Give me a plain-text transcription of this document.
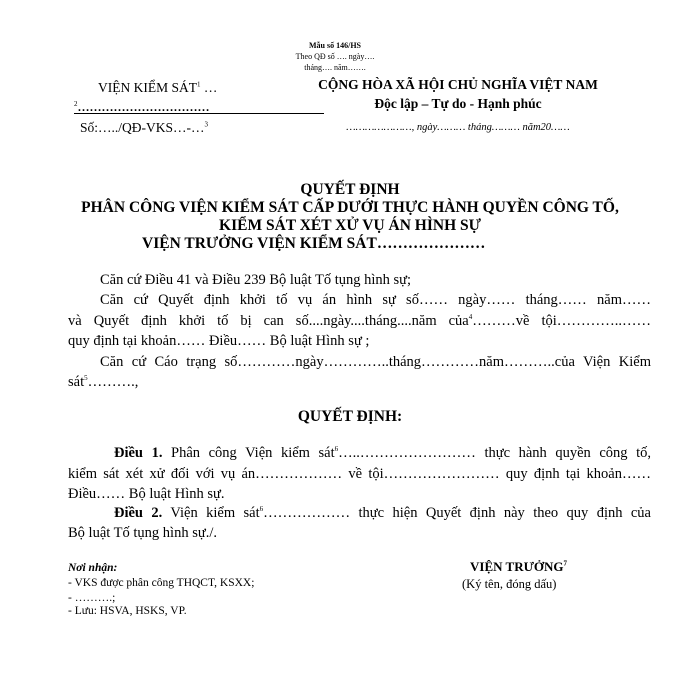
Mẫu số 146/HS
Theo QĐ số …. ngày….
tháng…. năm…….
VIỆN KIỂM SÁT$^1$ …
$^2$……………………………
Số:…../QĐ-VKS…-…$^3$
CỘNG HÒA XÃ HỘI CHỦ NGHĨA VIỆT NAM
Độc lập – Tự do - Hạnh phúc
…………………, ngày……… tháng……… năm20……
QUYẾT ĐỊNH
PHÂN CÔNG VIỆN KIỂM SÁT CẤP DƯỚI THỰC HÀNH QUYỀN CÔNG TỐ,
KIỂM SÁT XÉT XỬ VỤ ÁN HÌNH SỰ
VIỆN TRƯỞNG VIỆN KIỂM SÁT…………………
Căn cứ Điều 41 và Điều 239 Bộ luật Tố tụng hình sự;
Căn cứ Quyết định khởi tố vụ án hình sự số…… ngày…… tháng…… năm……
và Quyết định khởi tố bị can số....ngày....tháng....năm của$^4$………về tội…………..……
quy định tại khoản…… Điều…… Bộ luật Hình sự ;
Căn cứ Cáo trạng số…………ngày…………..tháng…………năm………..của Viện Kiểm
sát$^5$……….,
QUYẾT ĐỊNH:
Điều 1. Phân công Viện kiểm sát$^6$…..…………………… thực hành quyền công tố,
kiểm sát xét xử đối với vụ án……………… về tội…………………… quy định tại khoản……
Điều…… Bộ luật Hình sự.
Điều 2. Viện kiểm sát$^6$……………… thực hiện Quyết định này theo quy định của
Bộ luật Tố tụng hình sự./.
Nơi nhận:
- VKS được phân công THQCT, KSXX;
- ……….;
- Lưu: HSVA, HSKS, VP.
VIỆN TRƯỞNG$^7$
(Ký tên, đóng dấu)
